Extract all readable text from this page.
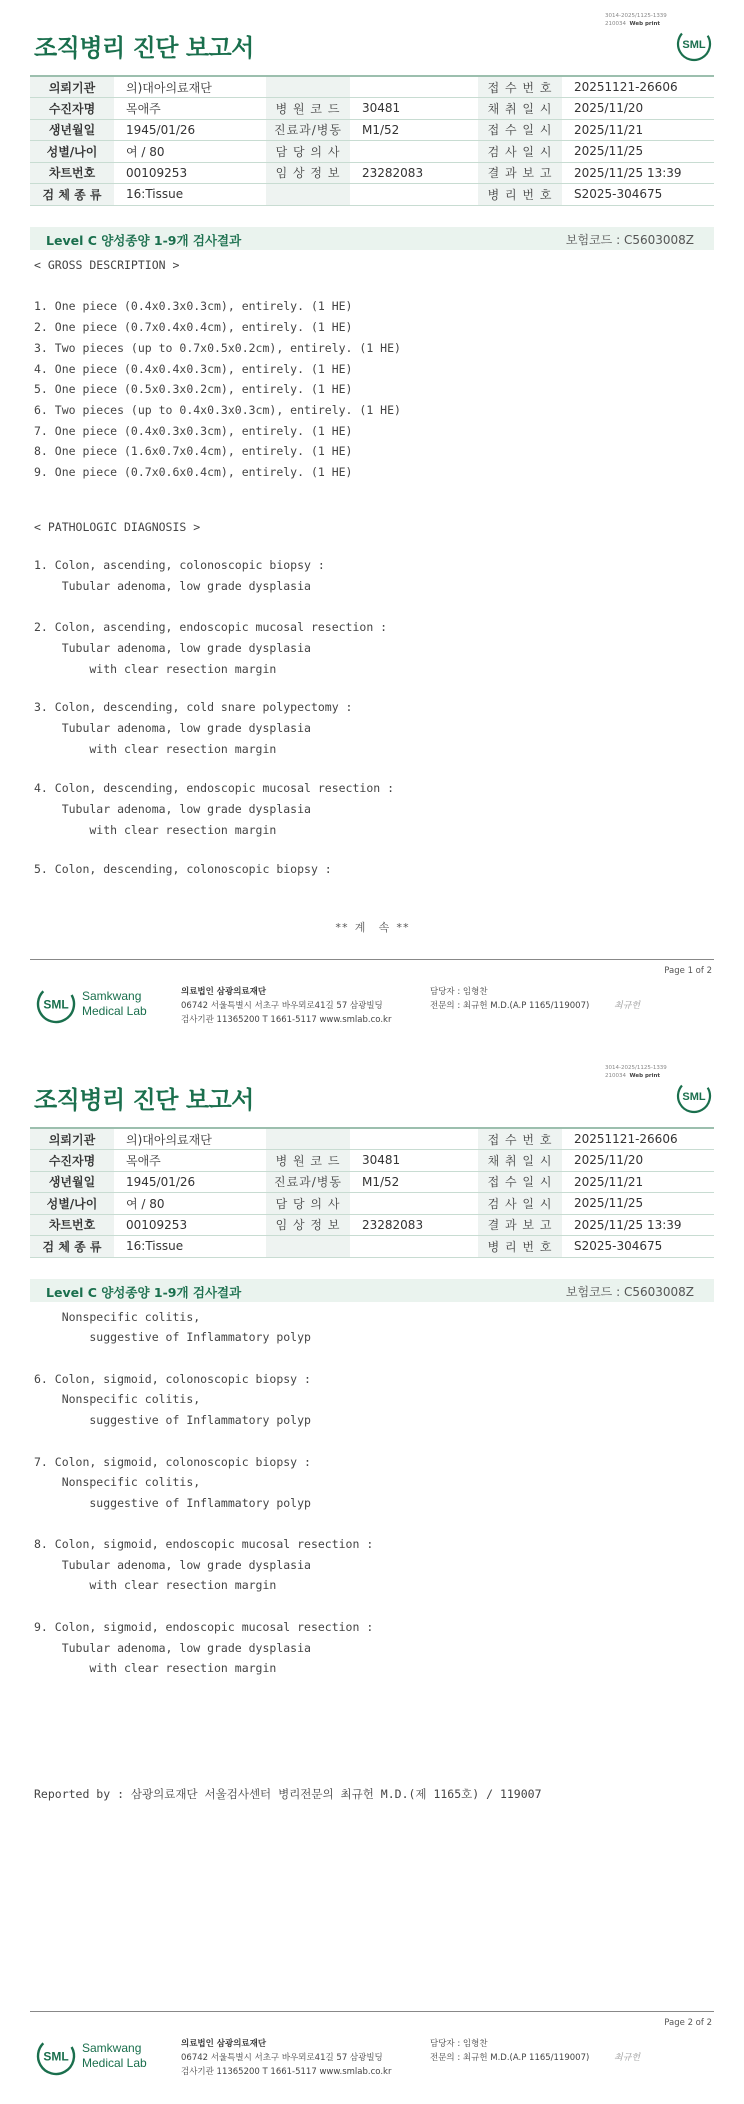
3014-2025/1125-1339
210034 Web print
조직병리 진단 보고서	SML
의뢰기관	의)대아의료재단			접 수 번 호	20251121-26606
수진자명	목애주	병 원 코 드	30481	채 취 일 시	2025/11/20
생년월일	1945/01/26	진료과/병동	M1/52	접 수 일 시	2025/11/21
성별/나이	여 / 80	담 당 의 사		검 사 일 시	2025/11/25
차트번호	00109253	임 상 정 보	23282083	결 과 보 고	2025/11/25 13:39
검 체 종 류	16:Tissue			병 리 번 호	S2025-304675
Level C 양성종양 1-9개 검사결과	보험코드 : C5603008Z
< GROSS DESCRIPTION >
1. One piece (0.4x0.3x0.3cm), entirely. (1 HE)
2. One piece (0.7x0.4x0.4cm), entirely. (1 HE)
3. Two pieces (up to 0.7x0.5x0.2cm), entirely. (1 HE)
4. One piece (0.4x0.4x0.3cm), entirely. (1 HE)
5. One piece (0.5x0.3x0.2cm), entirely. (1 HE)
6. Two pieces (up to 0.4x0.3x0.3cm), entirely. (1 HE)
7. One piece (0.4x0.3x0.3cm), entirely. (1 HE)
8. One piece (1.6x0.7x0.4cm), entirely. (1 HE)
9. One piece (0.7x0.6x0.4cm), entirely. (1 HE)
< PATHOLOGIC DIAGNOSIS >
1. Colon, ascending, colonoscopic biopsy :
Tubular adenoma, low grade dysplasia
2. Colon, ascending, endoscopic mucosal resection :
Tubular adenoma, low grade dysplasia
with clear resection margin
3. Colon, descending, cold snare polypectomy :
Tubular adenoma, low grade dysplasia
with clear resection margin
4. Colon, descending, endoscopic mucosal resection :
Tubular adenoma, low grade dysplasia
with clear resection margin
5. Colon, descending, colonoscopic biopsy :
** 계  속 **
Page 1 of 2
SML
Samkwang
Medical Lab
의료법인 삼광의료재단
06742 서울특별시 서초구 바우뫼로41길 57 삼광빌딩
검사기관 11365200 T 1661-5117 www.smlab.co.kr
담당자 : 임형찬
전문의 : 최규헌 M.D.(A.P 1165/119007)	최규헌
3014-2025/1125-1339
210034 Web print
조직병리 진단 보고서	SML
의뢰기관	의)대아의료재단			접 수 번 호	20251121-26606
수진자명	목애주	병 원 코 드	30481	채 취 일 시	2025/11/20
생년월일	1945/01/26	진료과/병동	M1/52	접 수 일 시	2025/11/21
성별/나이	여 / 80	담 당 의 사		검 사 일 시	2025/11/25
차트번호	00109253	임 상 정 보	23282083	결 과 보 고	2025/11/25 13:39
검 체 종 류	16:Tissue			병 리 번 호	S2025-304675
Level C 양성종양 1-9개 검사결과	보험코드 : C5603008Z
Nonspecific colitis,
suggestive of Inflammatory polyp
6. Colon, sigmoid, colonoscopic biopsy :
Nonspecific colitis,
suggestive of Inflammatory polyp
7. Colon, sigmoid, colonoscopic biopsy :
Nonspecific colitis,
suggestive of Inflammatory polyp
8. Colon, sigmoid, endoscopic mucosal resection :
Tubular adenoma, low grade dysplasia
with clear resection margin
9. Colon, sigmoid, endoscopic mucosal resection :
Tubular adenoma, low grade dysplasia
with clear resection margin
Reported by : 삼광의료재단 서울검사센터 병리전문의 최규헌 M.D.(제 1165호) / 119007
Page 2 of 2
SML
Samkwang
Medical Lab
의료법인 삼광의료재단
06742 서울특별시 서초구 바우뫼로41길 57 삼광빌딩
검사기관 11365200 T 1661-5117 www.smlab.co.kr
담당자 : 임형찬
전문의 : 최규헌 M.D.(A.P 1165/119007)	최규헌
